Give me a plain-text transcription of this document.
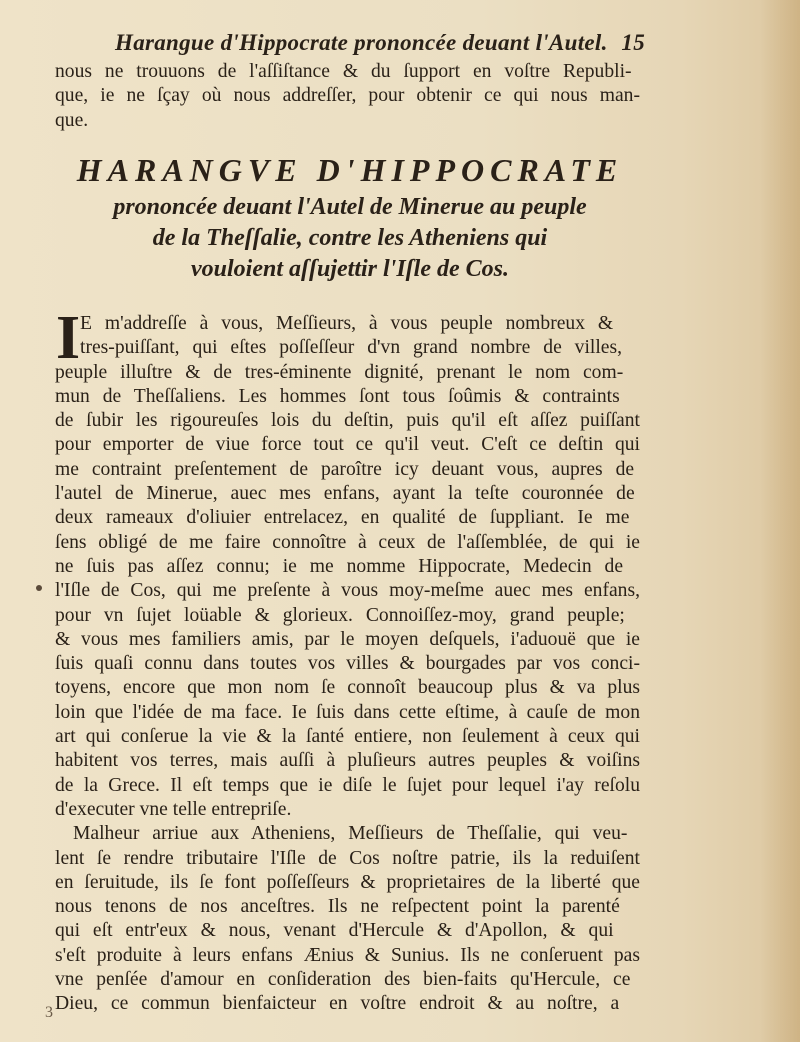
Harangue d'Hippocrate prononcée deuant l'Autel. 15
nous ne trouuons de l'aſſiſtance & du ſupport en voſtre Republi-
que, ie ne ſçay où nous addreſſer, pour obtenir ce qui nous man-
que.
HARANGVE D'HIPPOCRATE
prononcée deuant l'Autel de Minerue au peuple
de la Theſſalie, contre les Atheniens qui
vouloient aſſujettir l'Iſle de Cos.
I E m'addreſſe à vous, Meſſieurs, à vous peuple nombreux &
tres-puiſſant, qui eſtes poſſeſſeur d'vn grand nombre de villes,
peuple illuſtre & de tres-éminente dignité, prenant le nom com-
mun de Theſſaliens. Les hommes ſont tous ſoûmis & contraints
de ſubir les rigoureuſes lois du deſtin, puis qu'il eſt aſſez puiſſant
pour emporter de viue force tout ce qu'il veut. C'eſt ce deſtin qui
me contraint preſentement de paroître icy deuant vous, aupres de
l'autel de Minerue, auec mes enfans, ayant la teſte couronnée de
deux rameaux d'oliuier entrelacez, en qualité de ſuppliant. Ie me
ſens obligé de me faire connoître à ceux de l'aſſemblée, de qui ie
ne ſuis pas aſſez connu; ie me nomme Hippocrate, Medecin de
l'Iſle de Cos, qui me preſente à vous moy-meſme auec mes enfans,
pour vn ſujet loüable & glorieux. Connoiſſez-moy, grand peuple;
& vous mes familiers amis, par le moyen deſquels, i'aduouë que ie
ſuis quaſi connu dans toutes vos villes & bourgades par vos conci-
toyens, encore que mon nom ſe connoît beaucoup plus & va plus
loin que l'idée de ma face. Ie ſuis dans cette eſtime, à cauſe de mon
art qui conſerue la vie & la ſanté entiere, non ſeulement à ceux qui
habitent vos terres, mais auſſi à pluſieurs autres peuples & voiſins
de la Grece. Il eſt temps que ie diſe le ſujet pour lequel i'ay reſolu
d'executer vne telle entrepriſe.
Malheur arriue aux Atheniens, Meſſieurs de Theſſalie, qui veu-
lent ſe rendre tributaire l'Iſle de Cos noſtre patrie, ils la reduiſent
en ſeruitude, ils ſe font poſſeſſeurs & proprietaires de la liberté que
nous tenons de nos anceſtres. Ils ne reſpectent point la parenté
qui eſt entr'eux & nous, venant d'Hercule & d'Apollon, & qui
s'eſt produite à leurs enfans Ænius & Sunius. Ils ne conſeruent pas
vne penſée d'amour en conſideration des bien-faits qu'Hercule, ce
Dieu, ce commun bienfaicteur en voſtre endroit & au noſtre, a
3
